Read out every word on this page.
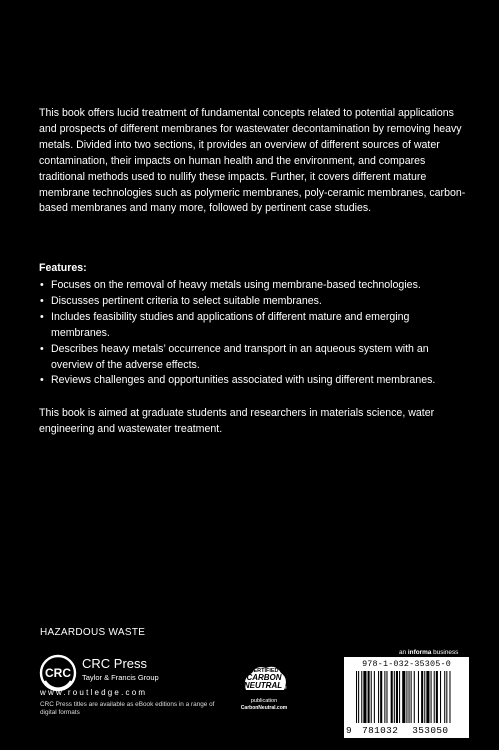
This book offers lucid treatment of fundamental concepts related to potential applications and prospects of different membranes for wastewater decontamination by removing heavy metals. Divided into two sections, it provides an overview of different sources of water contamination, their impacts on human health and the environment, and compares traditional methods used to nullify these impacts. Further, it covers different mature membrane technologies such as polymeric membranes, poly-ceramic membranes, carbon-based membranes and many more, followed by pertinent case studies.

Features:
• Focuses on the removal of heavy metals using membrane-based technologies.
• Discusses pertinent criteria to select suitable membranes.
• Includes feasibility studies and applications of different mature and emerging membranes.
• Describes heavy metals’ occurrence and transport in an aqueous system with an overview of the adverse effects.
• Reviews challenges and opportunities associated with using different membranes.

This book is aimed at graduate students and researchers in materials science, water engineering and wastewater treatment.

HAZARDOUS WASTE
CRC
CRC Press
Taylor & Francis Group
www.routledge.com
CRC Press titles are available as eBook editions in a range of digital formats
CERTIFIED
CARBON
NEUTRAL ®
publication
CarbonNeutral.com
an informa business
978-1-032-35305-0
9 781032 353050
